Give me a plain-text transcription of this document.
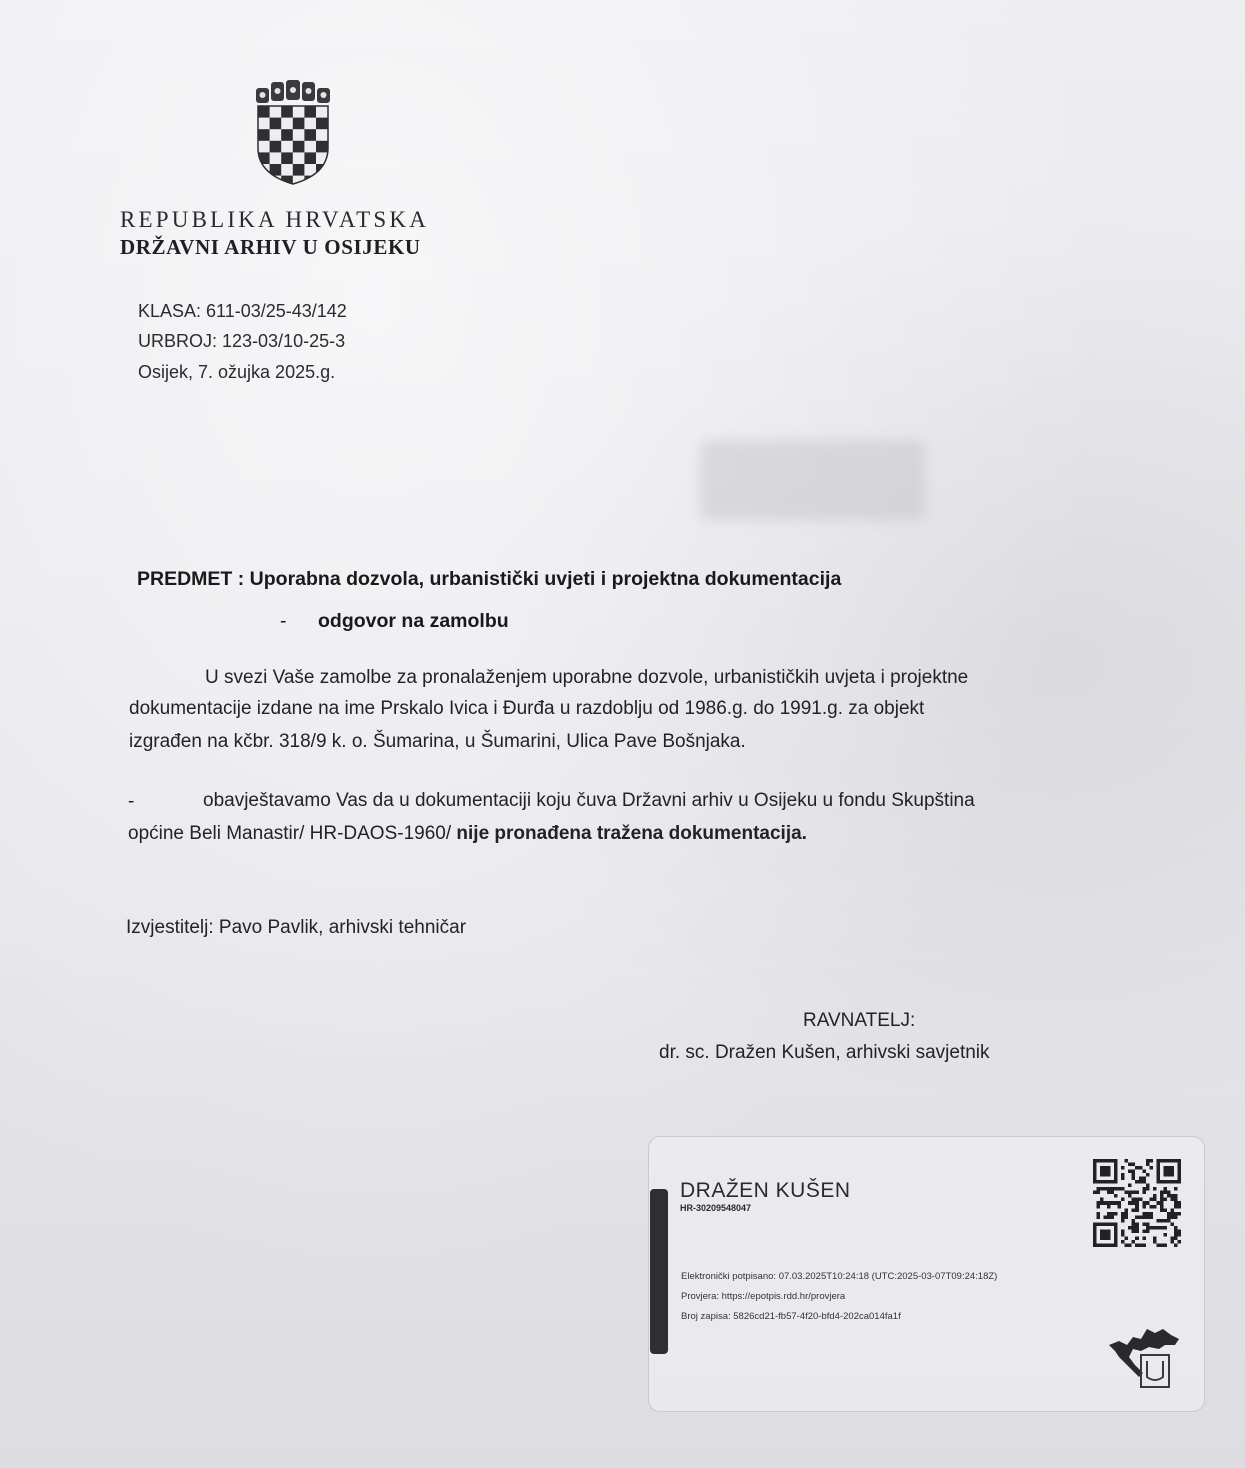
REPUBLIKA HRVATSKA
DRŽAVNI ARHIV U OSIJEKU
KLASA: 611-03/25-43/142
URBROJ: 123-03/10-25-3
Osijek, 7. ožujka 2025.g.
PREDMET : Uporabna dozvola, urbanistički uvjeti i projektna dokumentacija
- odgovor na zamolbu
U svezi Vaše zamolbe za pronalaženjem uporabne dozvole, urbanističkih uvjeta i projektne
dokumentacije izdane na ime Prskalo Ivica i Đurđa u razdoblju od 1986.g. do 1991.g. za objekt
izgrađen na kčbr. 318/9 k. o. Šumarina, u Šumarini, Ulica Pave Bošnjaka.
-	obavještavamo Vas da u dokumentaciji koju čuva Državni arhiv u Osijeku u fondu Skupština
općine Beli Manastir/ HR-DAOS-1960/ nije pronađena tražena dokumentacija.
Izvjestitelj: Pavo Pavlik, arhivski tehničar
RAVNATELJ:
dr. sc. Dražen Kušen, arhivski savjetnik
DRAŽEN KUŠEN
HR-30209548047
Elektronički potpisano: 07.03.2025T10:24:18 (UTC:2025-03-07T09:24:18Z)
Provjera: https://epotpis.rdd.hr/provjera
Broj zapisa: 5826cd21-fb57-4f20-bfd4-202ca014fa1f
